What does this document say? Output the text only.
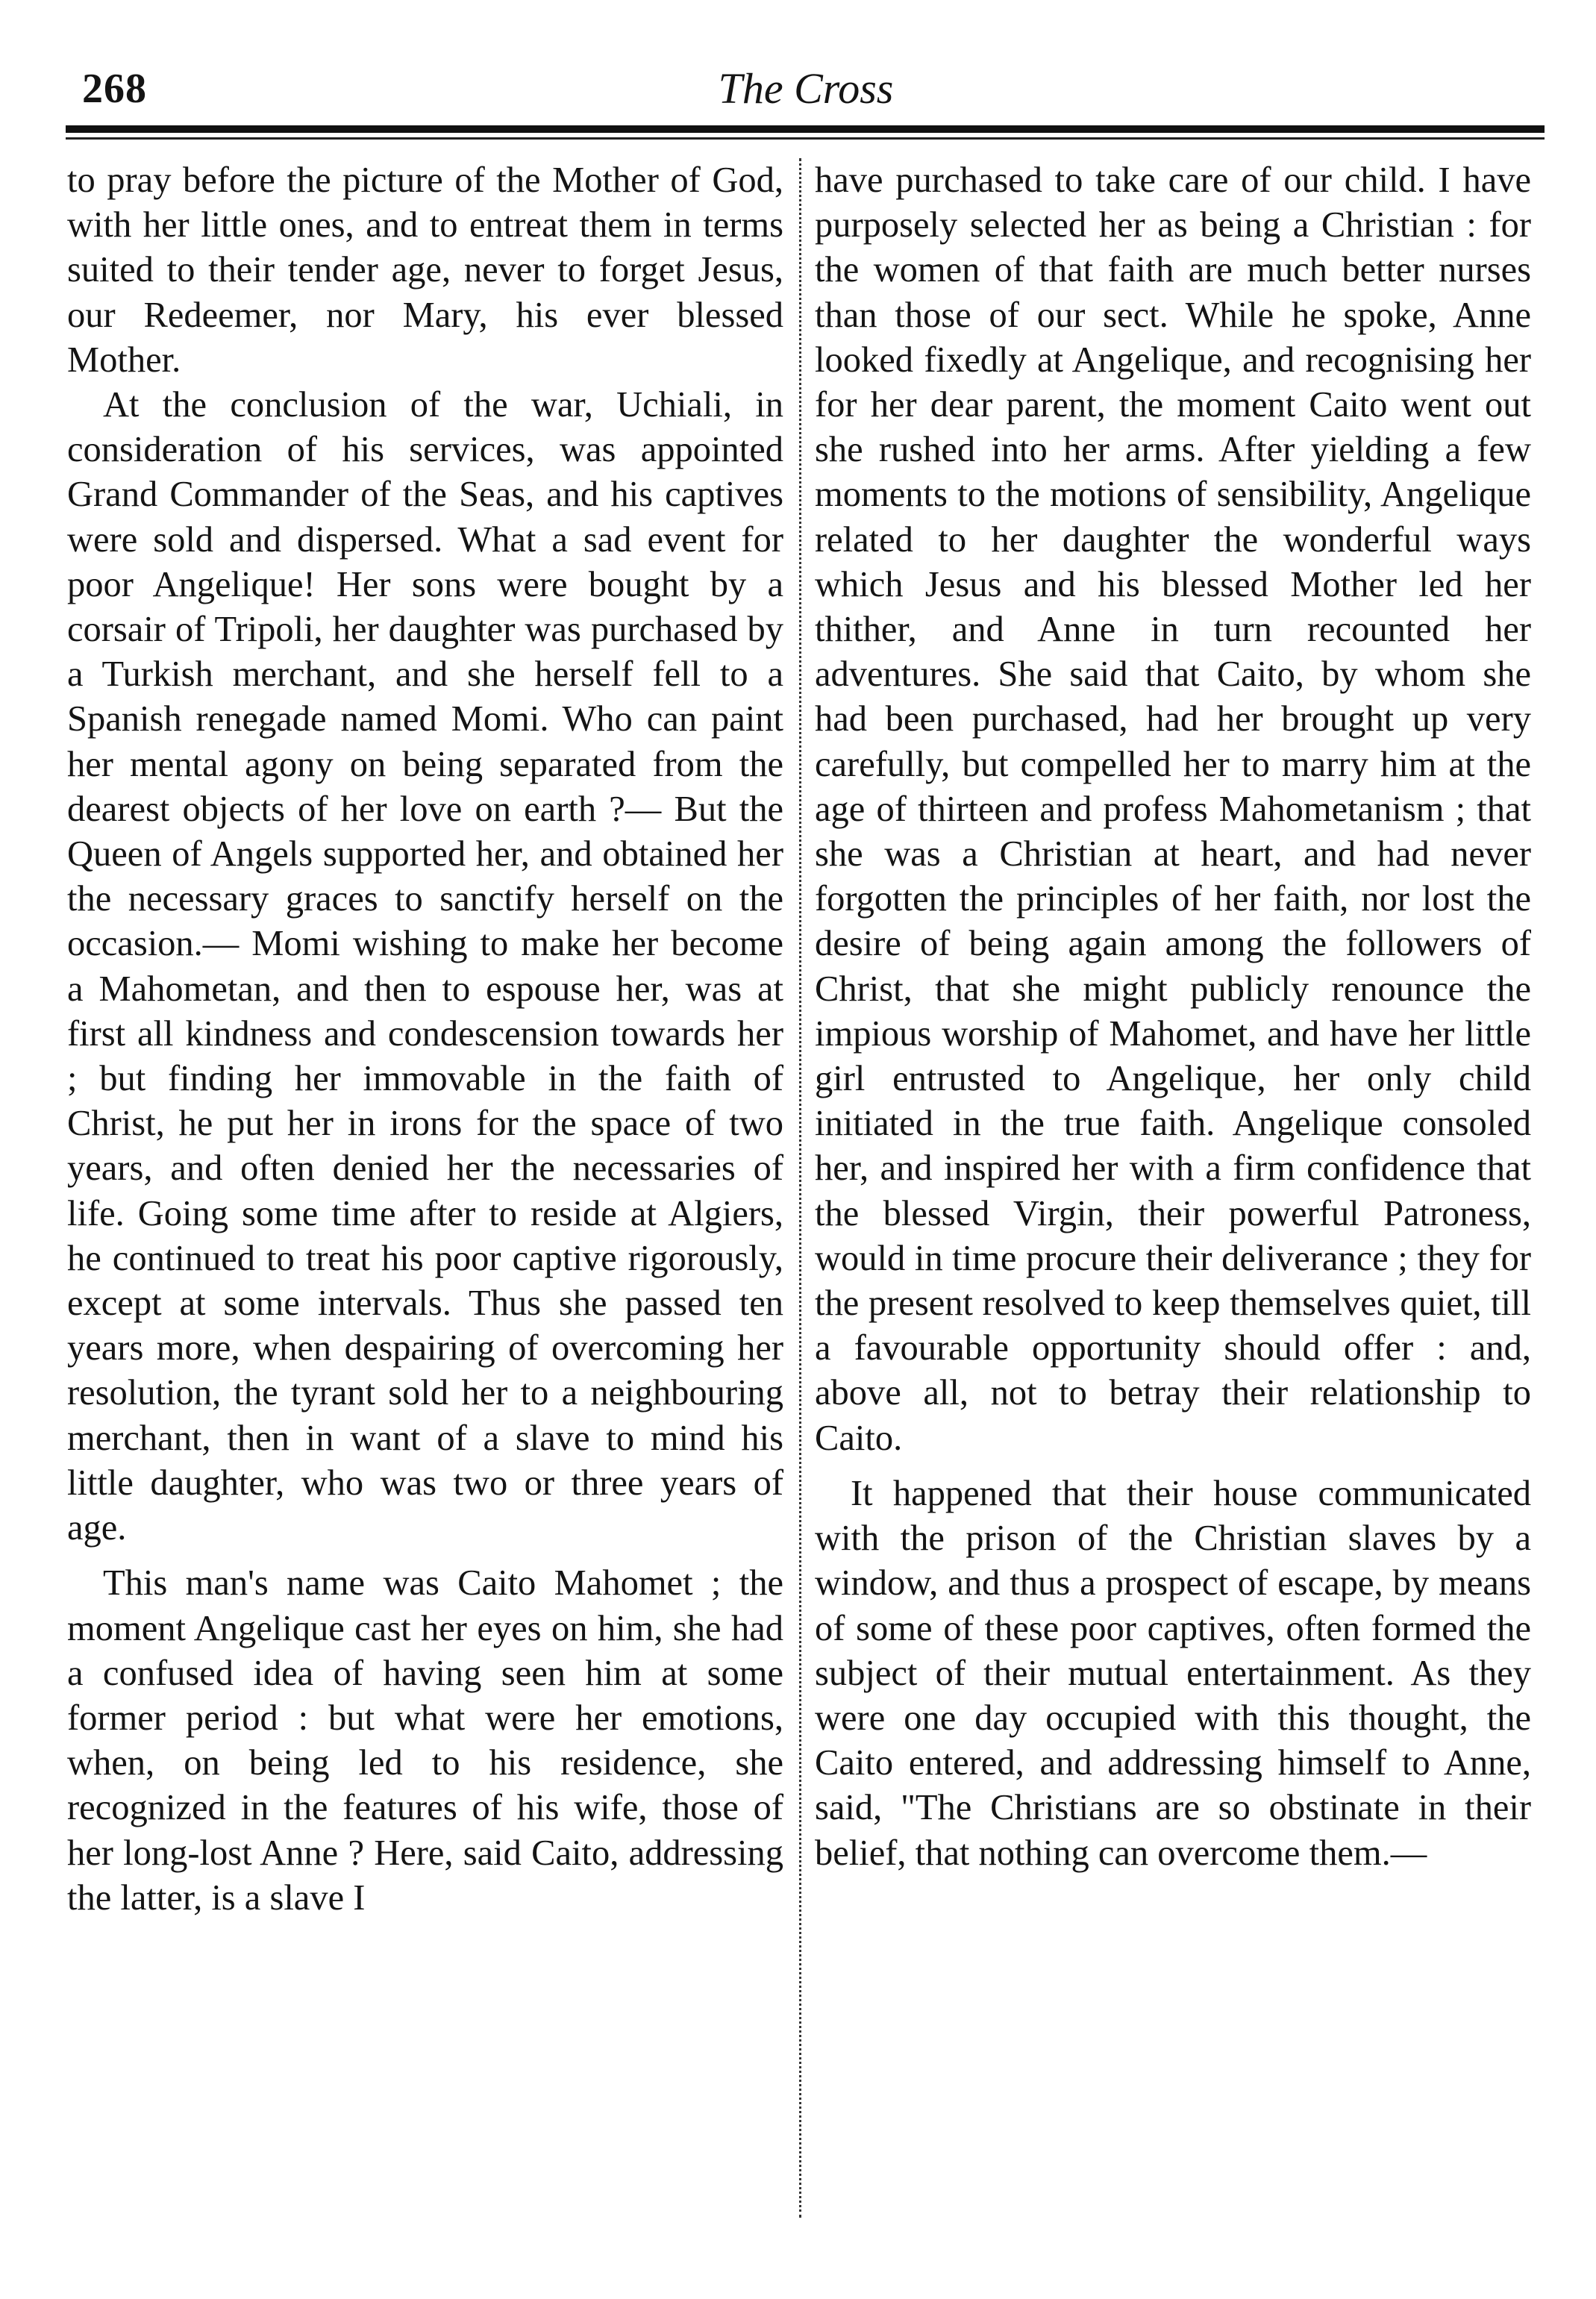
268	The Cross

to pray before the picture of the Mother of God, with her little ones, and to entreat them in terms suited to their tender age, never to forget Jesus, our Redeemer, nor Mary, his ever blessed Mother.

At the conclusion of the war, Uchiali, in consideration of his services, was appointed Grand Commander of the Seas, and his captives were sold and dispersed. What a sad event for poor Angelique! Her sons were bought by a corsair of Tripoli, her daughter was purchased by a Turkish merchant, and she herself fell to a Spanish renegade named Momi. Who can paint her mental agony on being separated from the dearest objects of her love on earth ?— But the Queen of Angels supported her, and obtained her the necessary graces to sanctify herself on the occasion.— Momi wishing to make her become a Mahometan, and then to espouse her, was at first all kindness and condescension towards her ; but finding her immovable in the faith of Christ, he put her in irons for the space of two years, and often denied her the necessaries of life. Going some time after to reside at Algiers, he continued to treat his poor captive rigorously, except at some intervals. Thus she passed ten years more, when despairing of overcoming her resolution, the tyrant sold her to a neighbouring merchant, then in want of a slave to mind his little daughter, who was two or three years of age.

This man's name was Caito Mahomet ; the moment Angelique cast her eyes on him, she had a confused idea of having seen him at some former period : but what were her emotions, when, on being led to his residence, she recognized in the features of his wife, those of her long-lost Anne ? Here, said Caito, addressing the latter, is a slave I

have purchased to take care of our child. I have purposely selected her as being a Christian : for the women of that faith are much better nurses than those of our sect. While he spoke, Anne looked fixedly at Angelique, and recognising her for her dear parent, the moment Caito went out she rushed into her arms. After yielding a few moments to the motions of sensibility, Angelique related to her daughter the wonderful ways which Jesus and his blessed Mother led her thither, and Anne in turn recounted her adventures. She said that Caito, by whom she had been purchased, had her brought up very carefully, but compelled her to marry him at the age of thirteen and profess Mahometanism ; that she was a Christian at heart, and had never forgotten the principles of her faith, nor lost the desire of being again among the followers of Christ, that she might publicly renounce the impious worship of Mahomet, and have her little girl entrusted to Angelique, her only child initiated in the true faith. Angelique consoled her, and inspired her with a firm confidence that the blessed Virgin, their powerful Patroness, would in time procure their deliverance ; they for the present resolved to keep themselves quiet, till a favourable opportunity should offer : and, above all, not to betray their relationship to Caito.

It happened that their house communicated with the prison of the Christian slaves by a window, and thus a prospect of escape, by means of some of these poor captives, often formed the subject of their mutual entertainment. As they were one day occupied with this thought, the Caito entered, and addressing himself to Anne, said, "The Christians are so obstinate in their belief, that nothing can overcome them.—
